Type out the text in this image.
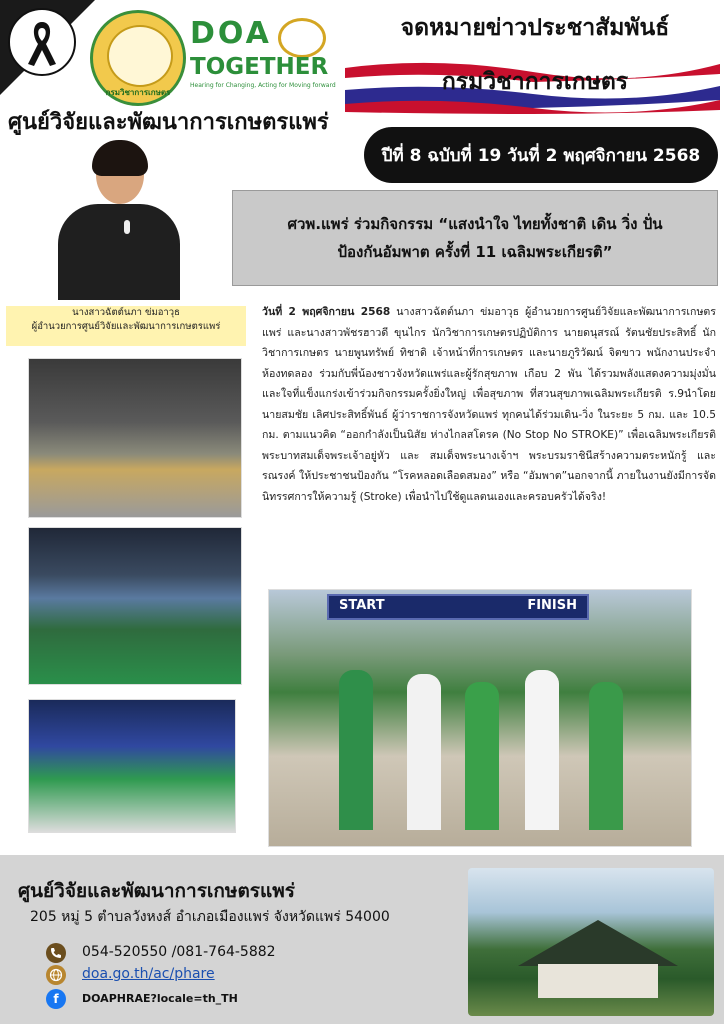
กรมวิชาการเกษตร
DOA
TOGETHER
Hearing for Changing, Acting for Moving forward
จดหมายข่าวประชาสัมพันธ์
กรมวิชาการเกษตร
ศูนย์วิจัยและพัฒนาการเกษตรแพร่
ปีที่ 8 ฉบับที่ 19 วันที่ 2 พฤศจิกายน 2568
ศวพ.แพร่ ร่วมกิจกรรม “แสงนำใจ ไทยทั้งชาติ เดิน วิ่ง ปั่น
ป้องกันอัมพาต ครั้งที่ 11 เฉลิมพระเกียรติ”
นางสาวฉัตต์นภา ข่มอาวุธ
ผู้อำนวยการศูนย์วิจัยและพัฒนาการเกษตรแพร่
วันที่ 2 พฤศจิกายน 2568 นางสาวฉัตต์นภา ข่มอาวุธ ผู้อำนวยการศูนย์วิจัยและพัฒนาการเกษตรแพร่ และนางสาวพัชรฮาวดี ขุนไกร นักวิชาการเกษตรปฏิบัติการ นายดนุสรณ์ รัตนชัยประสิทธิ์ นักวิชาการเกษตร นายพูนทรัพย์ ทิชาดิ เจ้าหน้าที่การเกษตร และนายภูริวัฒน์ จิตขาว พนักงานประจำห้องทดลอง ร่วมกับพี่น้องชาวจังหวัดแพร่และผู้รักสุขภาพ เกือบ 2 พัน ได้รวมพลังแสดงความมุ่งมั่นและใจที่แข็งแกร่งเข้าร่วมกิจกรรมครั้งยิ่งใหญ่ เพื่อสุขภาพ ที่สวนสุขภาพเฉลิมพระเกียรติ ร.9นำโดย นายสมชัย เลิศประสิทธิ์พันธ์ ผู้ว่าราชการจังหวัดแพร่ ทุกคนได้ร่วมเดิน-วิ่ง ในระยะ 5 กม. และ 10.5 กม. ตามแนวคิด “ออกกำลังเป็นนิสัย ห่างไกลสโตรค (No Stop No STROKE)” เพื่อเฉลิมพระเกียรติ พระบาทสมเด็จพระเจ้าอยู่หัว และ สมเด็จพระนางเจ้าฯ พระบรมราชินีสร้างความตระหนักรู้ และรณรงค์ ให้ประชาชนป้องกัน “โรคหลอดเลือดสมอง” หรือ “อัมพาต”นอกจากนี้ ภายในงานยังมีการจัด นิทรรศการให้ความรู้ (Stroke) เพื่อนำไปใช้ดูแลตนเองและครอบครัวได้จริง!
START	FINISH
ศูนย์วิจัยและพัฒนาการเกษตรแพร่
205 หมู่ 5 ตำบลวังหงส์ อำเภอเมืองแพร่ จังหวัดแพร่ 54000
054-520550 /081-764-5882
doa.go.th/ac/phare
f	DOAPHRAE?locale=th_TH
